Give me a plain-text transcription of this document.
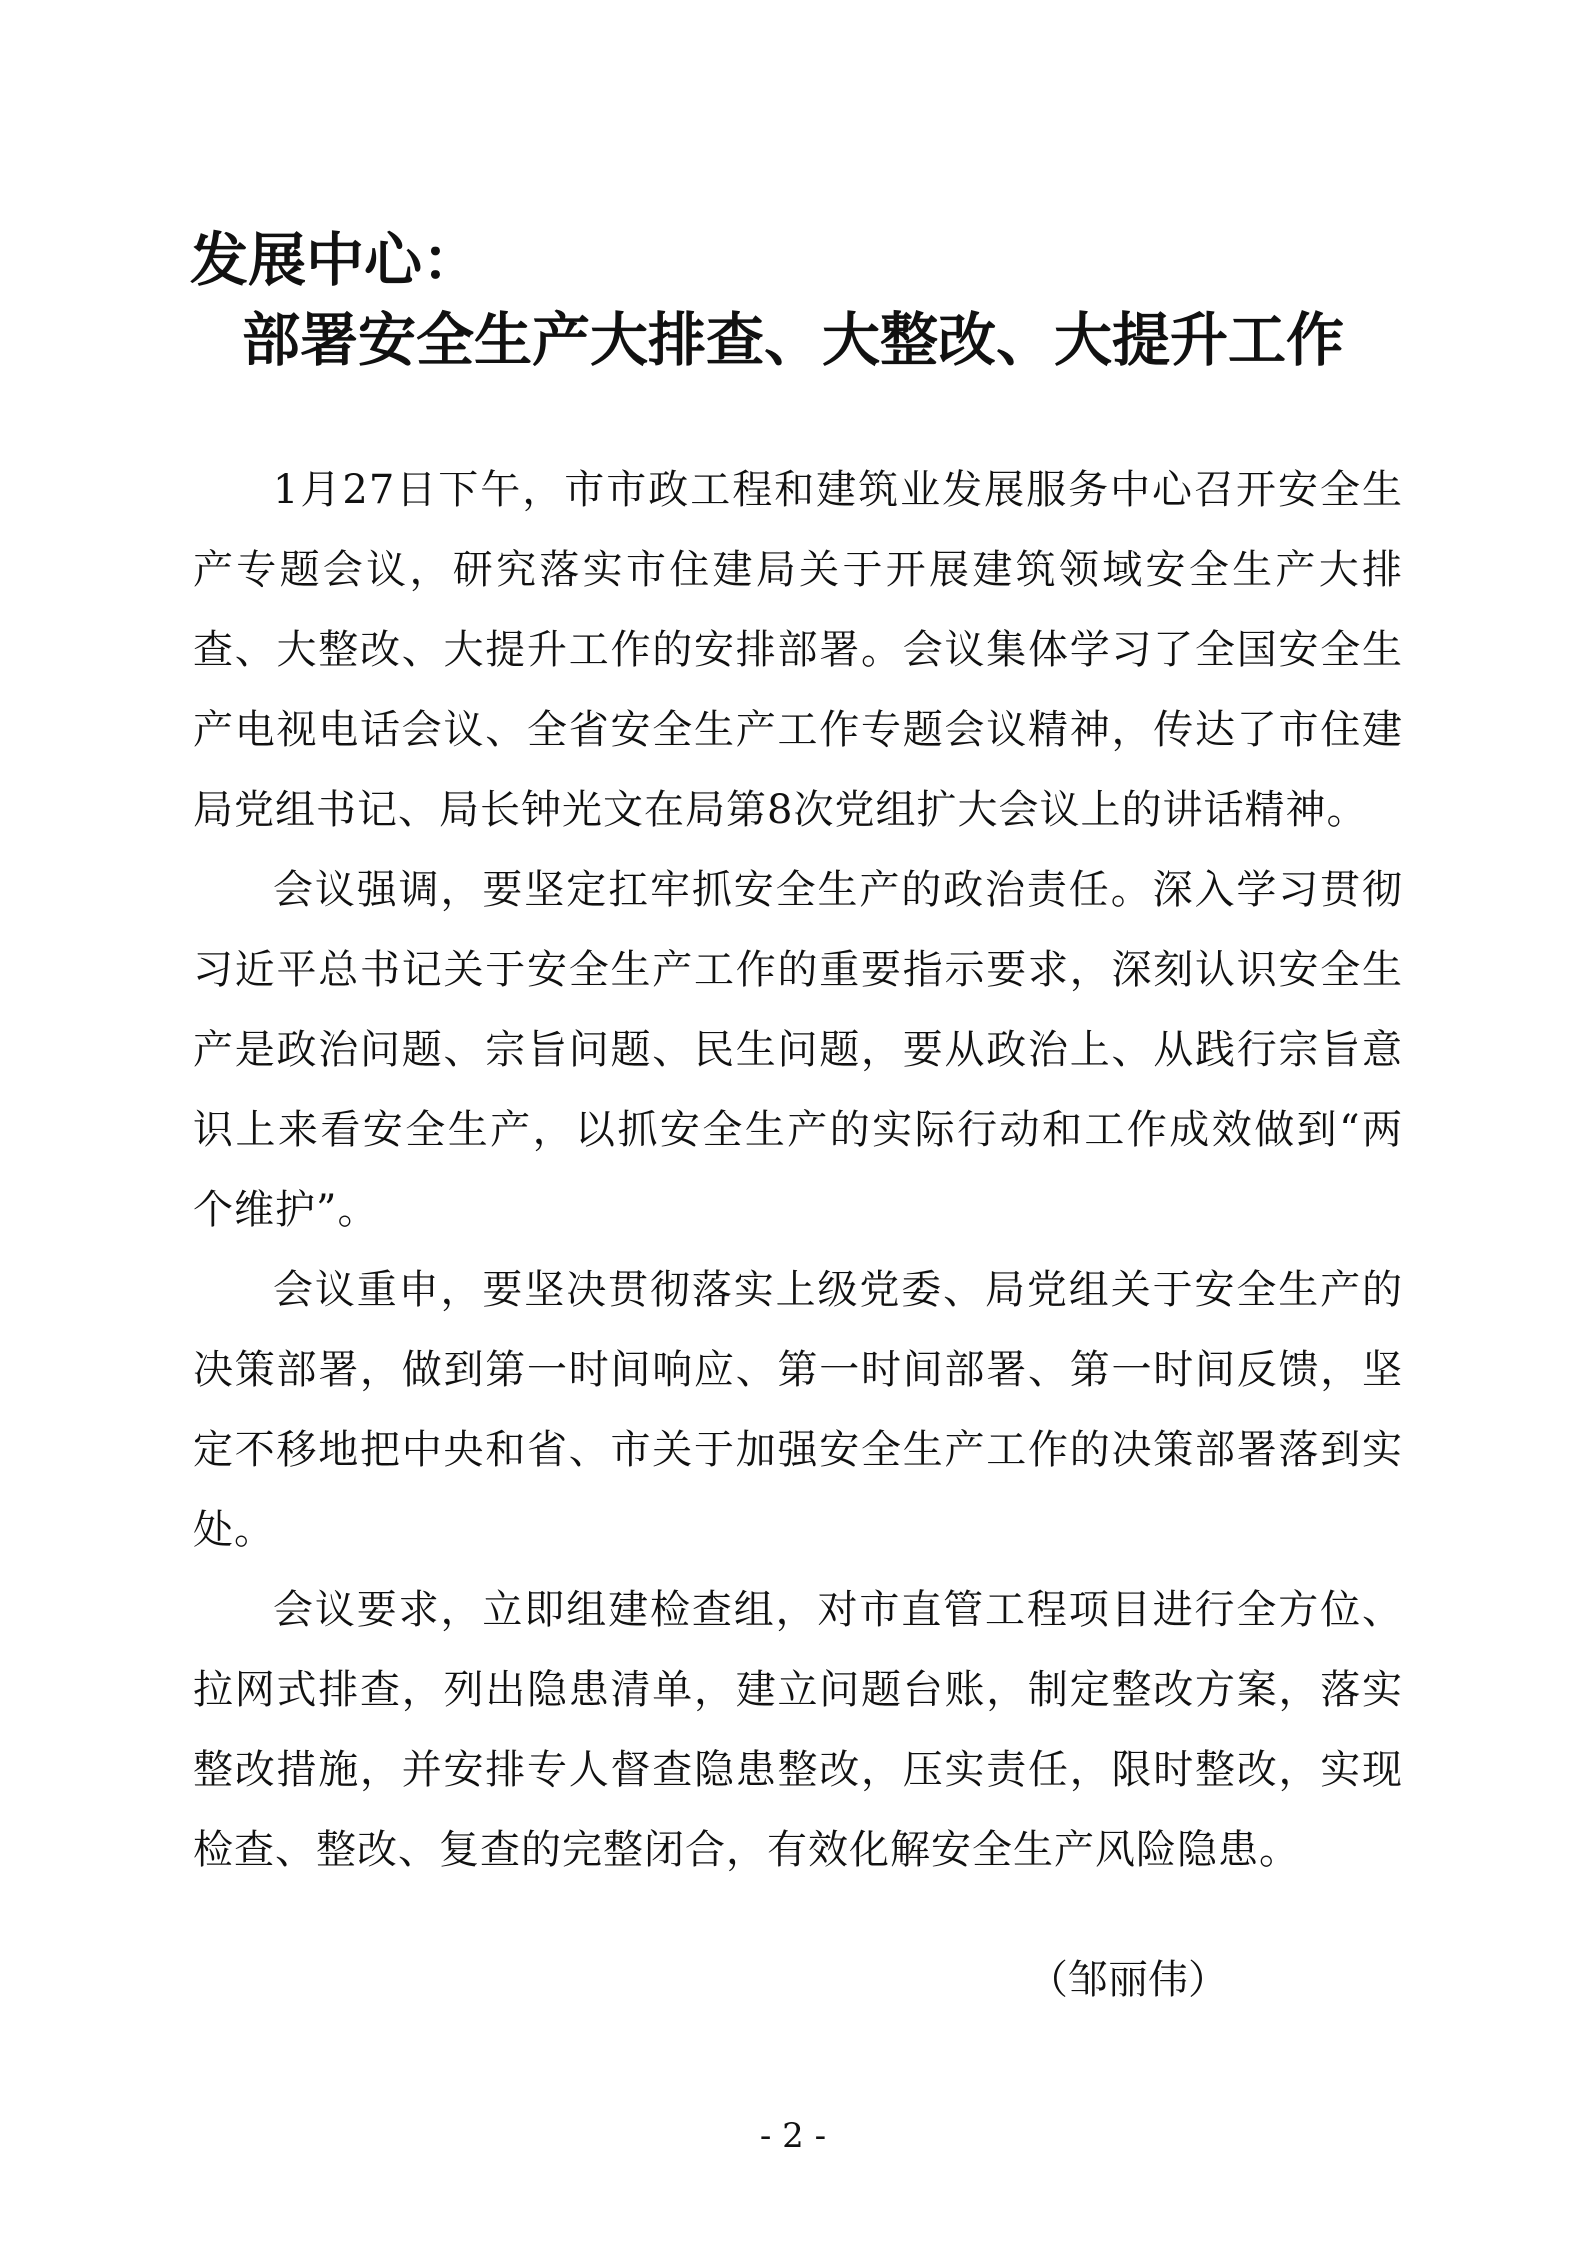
发展中心：
部署安全生产大排查、大整改、大提升工作

1月27日下午，市市政工程和建筑业发展服务中心召开安全生产专题会议，研究落实市住建局关于开展建筑领域安全生产大排查、大整改、大提升工作的安排部署。会议集体学习了全国安全生产电视电话会议、全省安全生产工作专题会议精神，传达了市住建局党组书记、局长钟光文在局第8次党组扩大会议上的讲话精神。

会议强调，要坚定扛牢抓安全生产的政治责任。深入学习贯彻习近平总书记关于安全生产工作的重要指示要求，深刻认识安全生产是政治问题、宗旨问题、民生问题，要从政治上、从践行宗旨意识上来看安全生产，以抓安全生产的实际行动和工作成效做到“两个维护”。

会议重申，要坚决贯彻落实上级党委、局党组关于安全生产的决策部署，做到第一时间响应、第一时间部署、第一时间反馈，坚定不移地把中央和省、市关于加强安全生产工作的决策部署落到实处。

会议要求，立即组建检查组，对市直管工程项目进行全方位、拉网式排查，列出隐患清单，建立问题台账，制定整改方案，落实整改措施，并安排专人督查隐患整改，压实责任，限时整改，实现检查、整改、复查的完整闭合，有效化解安全生产风险隐患。

（邹丽伟）
- 2 -
